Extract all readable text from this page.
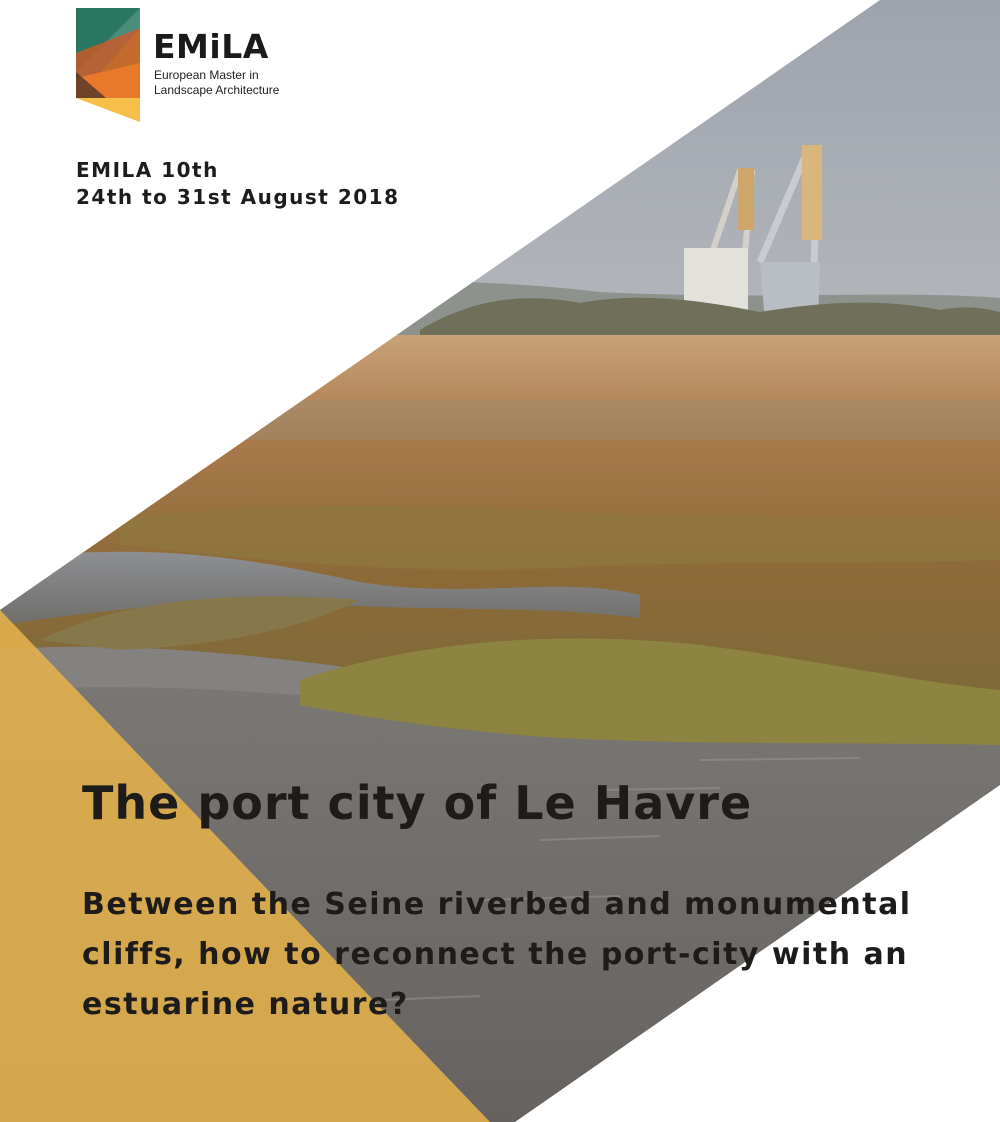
EMiLA
European Master in
Landscape Architecture
EMILA 10th
24th to 31st August 2018
The port city of Le Havre
Between the Seine riverbed and monumental
cliffs, how to reconnect the port-city with an
estuarine nature?
